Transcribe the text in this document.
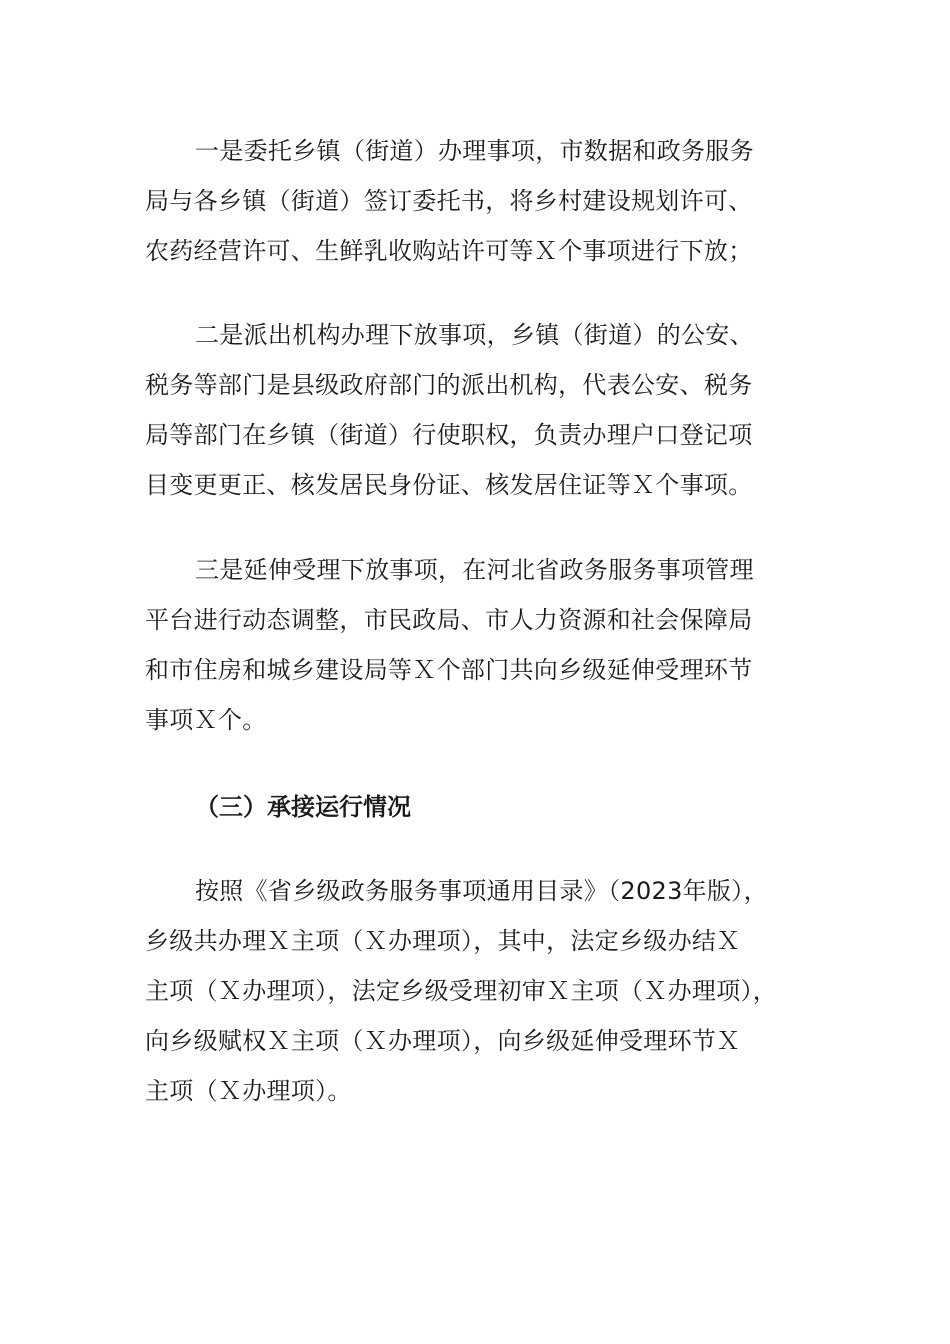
一是委托乡镇（街道）办理事项，市数据和政务服务
局与各乡镇（街道）签订委托书，将乡村建设规划许可、
农药经营许可、生鲜乳收购站许可等Ｘ个事项进行下放；
二是派出机构办理下放事项，乡镇（街道）的公安、
税务等部门是县级政府部门的派出机构，代表公安、税务
局等部门在乡镇（街道）行使职权，负责办理户口登记项
目变更更正、核发居民身份证、核发居住证等Ｘ个事项。
三是延伸受理下放事项，在河北省政务服务事项管理
平台进行动态调整，市民政局、市人力资源和社会保障局
和市住房和城乡建设局等Ｘ个部门共向乡级延伸受理环节
事项Ｘ个。
（三）承接运行情况
按照《省乡级政务服务事项通用目录》（2023年版），
乡级共办理Ｘ主项（Ｘ办理项），其中，法定乡级办结Ｘ
主项（Ｘ办理项），法定乡级受理初审Ｘ主项（Ｘ办理项），
向乡级赋权Ｘ主项（Ｘ办理项），向乡级延伸受理环节Ｘ
主项（Ｘ办理项）。
